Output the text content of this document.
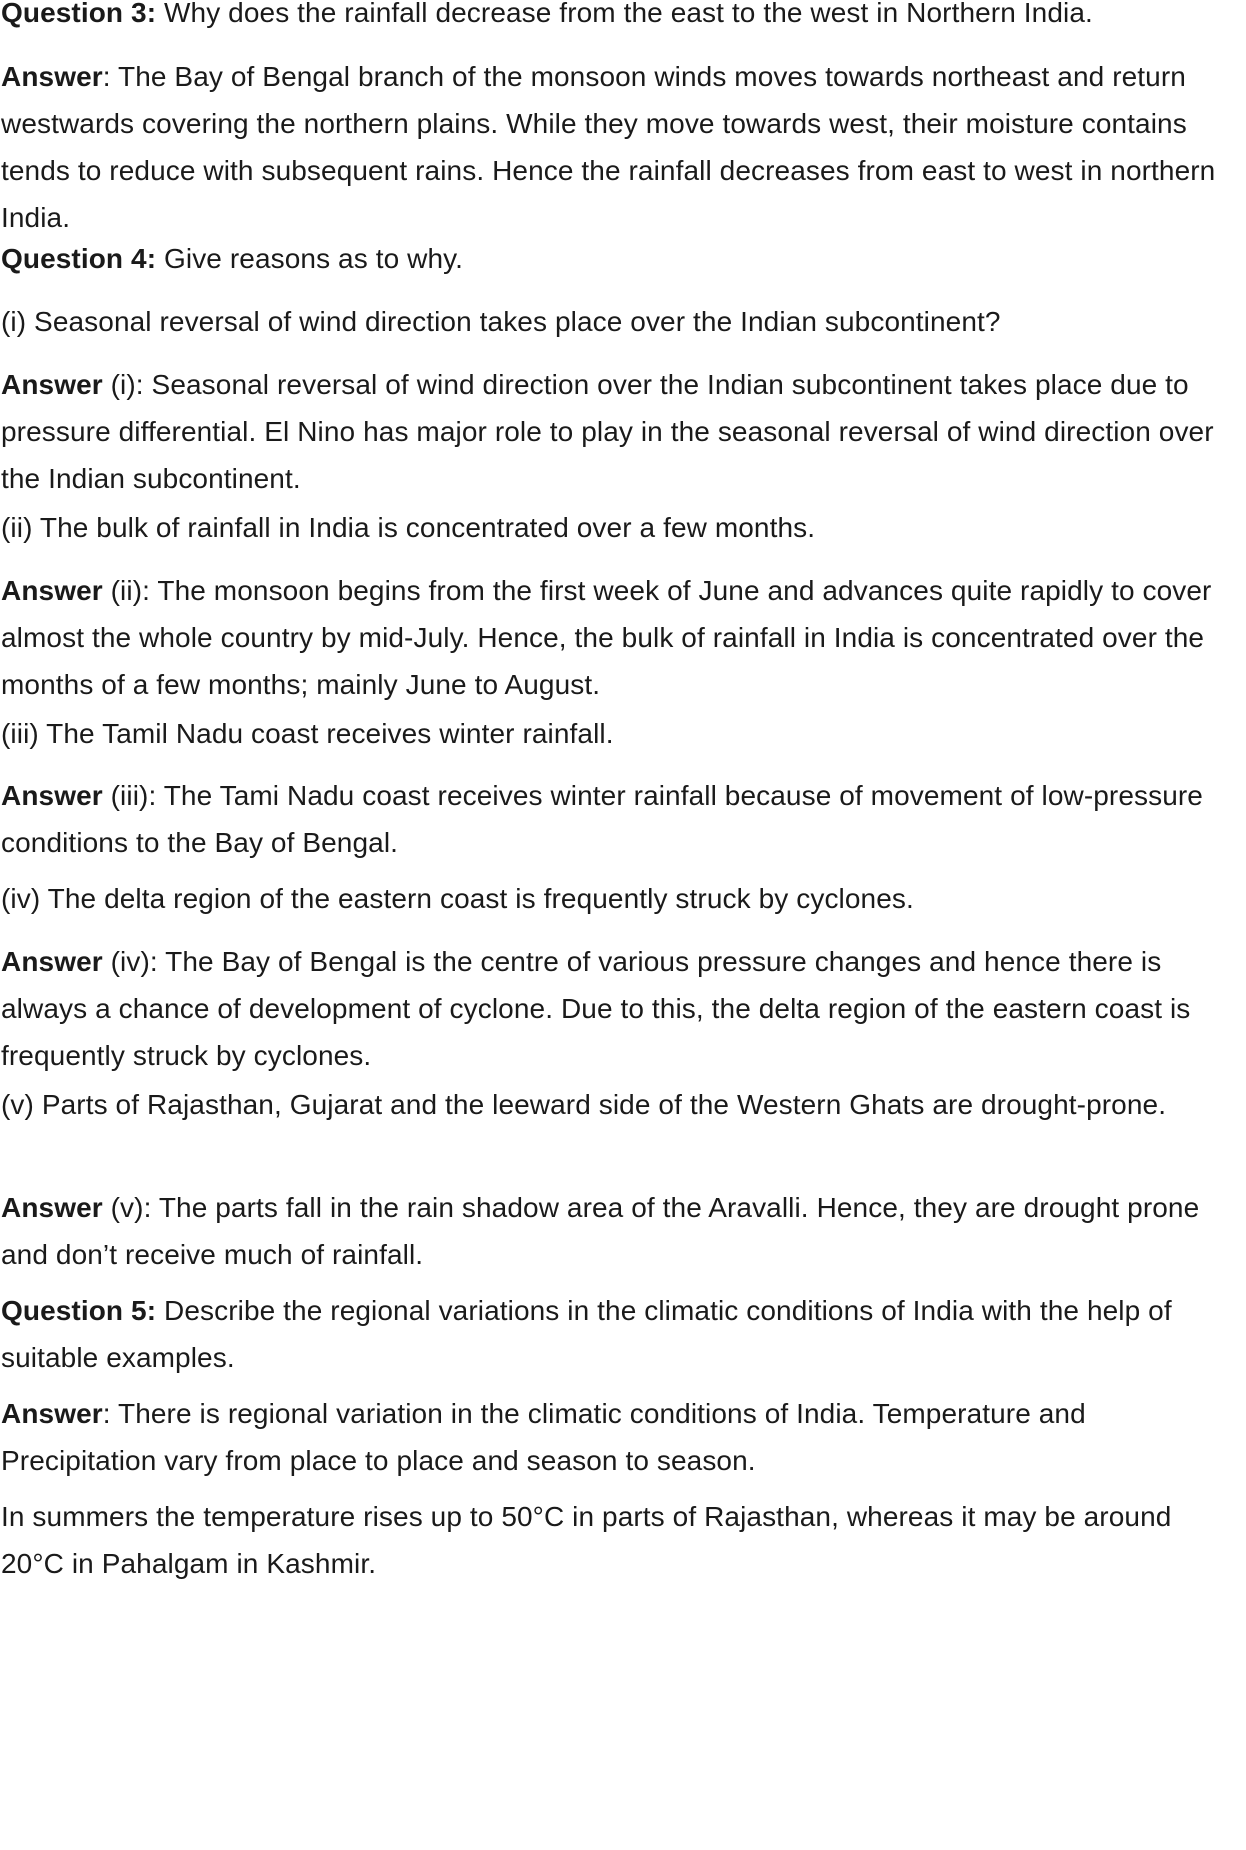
Question 3: Why does the rainfall decrease from the east to the west in Northern India.

Answer: The Bay of Bengal branch of the monsoon winds moves towards northeast and return westwards covering the northern plains. While they move towards west, their moisture contains tends to reduce with subsequent rains. Hence the rainfall decreases from east to west in northern India.

Question 4: Give reasons as to why.

(i) Seasonal reversal of wind direction takes place over the Indian subcontinent?

Answer (i): Seasonal reversal of wind direction over the Indian subcontinent takes place due to pressure differential. El Nino has major role to play in the seasonal reversal of wind direction over the Indian subcontinent.

(ii) The bulk of rainfall in India is concentrated over a few months.

Answer (ii): The monsoon begins from the first week of June and advances quite rapidly to cover almost the whole country by mid-July. Hence, the bulk of rainfall in India is concentrated over the months of a few months; mainly June to August.

(iii) The Tamil Nadu coast receives winter rainfall.

Answer (iii): The Tami Nadu coast receives winter rainfall because of movement of low-pressure conditions to the Bay of Bengal.

(iv) The delta region of the eastern coast is frequently struck by cyclones.

Answer (iv): The Bay of Bengal is the centre of various pressure changes and hence there is always a chance of development of cyclone. Due to this, the delta region of the eastern coast is frequently struck by cyclones.

(v) Parts of Rajasthan, Gujarat and the leeward side of the Western Ghats are drought-prone.

Answer (v): The parts fall in the rain shadow area of the Aravalli. Hence, they are drought prone and don’t receive much of rainfall.

Question 5: Describe the regional variations in the climatic conditions of India with the help of suitable examples.

Answer: There is regional variation in the climatic conditions of India. Temperature and Precipitation vary from place to place and season to season.

In summers the temperature rises up to 50°C in parts of Rajasthan, whereas it may be around 20°C in Pahalgam in Kashmir.
